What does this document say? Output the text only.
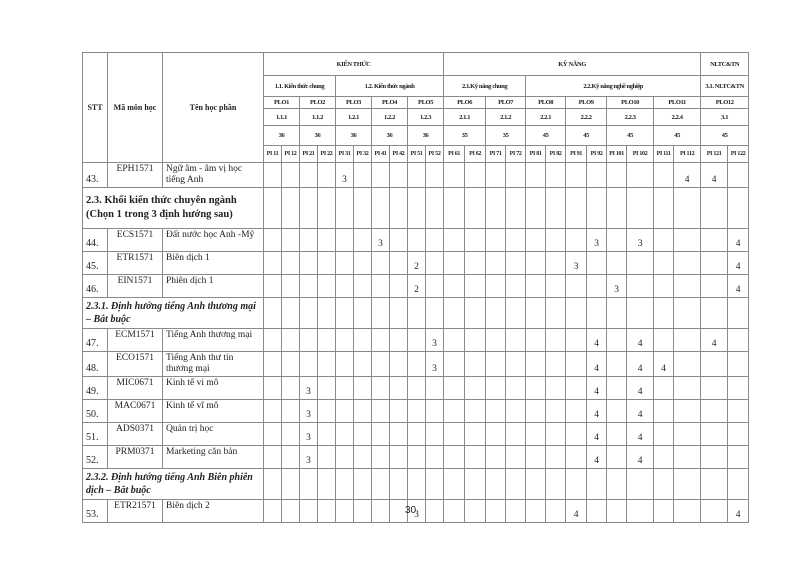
STT	Mã môn học	Tên học phần	KIẾN THỨC										KỸ NĂNG												NLTC&TN	
			1.1. Kiến thức chung				1.2. Kiến thức ngành						2.1.Kỹ năng chung				2.2.Kỹ năng nghề nghiệp								3.1. NLTC&TN	
			PLO1		PLO2		PLO3		PLO4		PLO5		PLO6		PLO7		PLO8		PLO9		PLO10		PLO11		PLO12	
			1.1.1		1.1.2		1.2.1		1.2.2		1.2.3		2.1.1		2.1.2		2.2.1		2.2.2		2.2.3		2.2.4		3.1	
			36		36		36		36		36		35		35		45		45		45		45		45	
			PI 11	PI 12	PI 21	PI 22	PI 31	PI 32	PI 41	PI 42	PI 51	PI 52	PI 61	PI 62	PI 71	PI 72	PI 81	PI 82	PI 91	PI 92	PI 101	PI 102	PI 111	PI 112	PI 121	PI 122
43.	EPH1571	Ngữ âm - âm vị học tiếng Anh					3																	4	4	
2.3. Khối kiến thức chuyên ngành (Chọn 1 trong 3 định hướng sau)																										
44.	ECS1571	Đất nước học Anh -Mỹ							3											3		3				4
45.	ETR1571	Biên dịch 1									2								3							4
46.	EIN1571	Phiên dịch 1									2										3					4
2.3.1. Định hướng tiếng Anh thương mại – Bắt buộc																										
47.	ECM1571	Tiếng Anh thương mại										3								4		4			4	
48.	ECO1571	Tiếng Anh thư tín thương mại										3								4		4	4			
49.	MIC0671	Kinh tế vi mô			3															4		4				
50.	MAC0671	Kinh tế vĩ mô			3															4		4				
51.	ADS0371	Quản trị học			3															4		4				
52.	PRM0371	Marketing căn bản			3															4		4				
2.3.2. Định hướng tiếng Anh Biên phiên dịch – Bắt buộc																										
53.	ETR21571	Biên dịch 2									3								4							4
30
